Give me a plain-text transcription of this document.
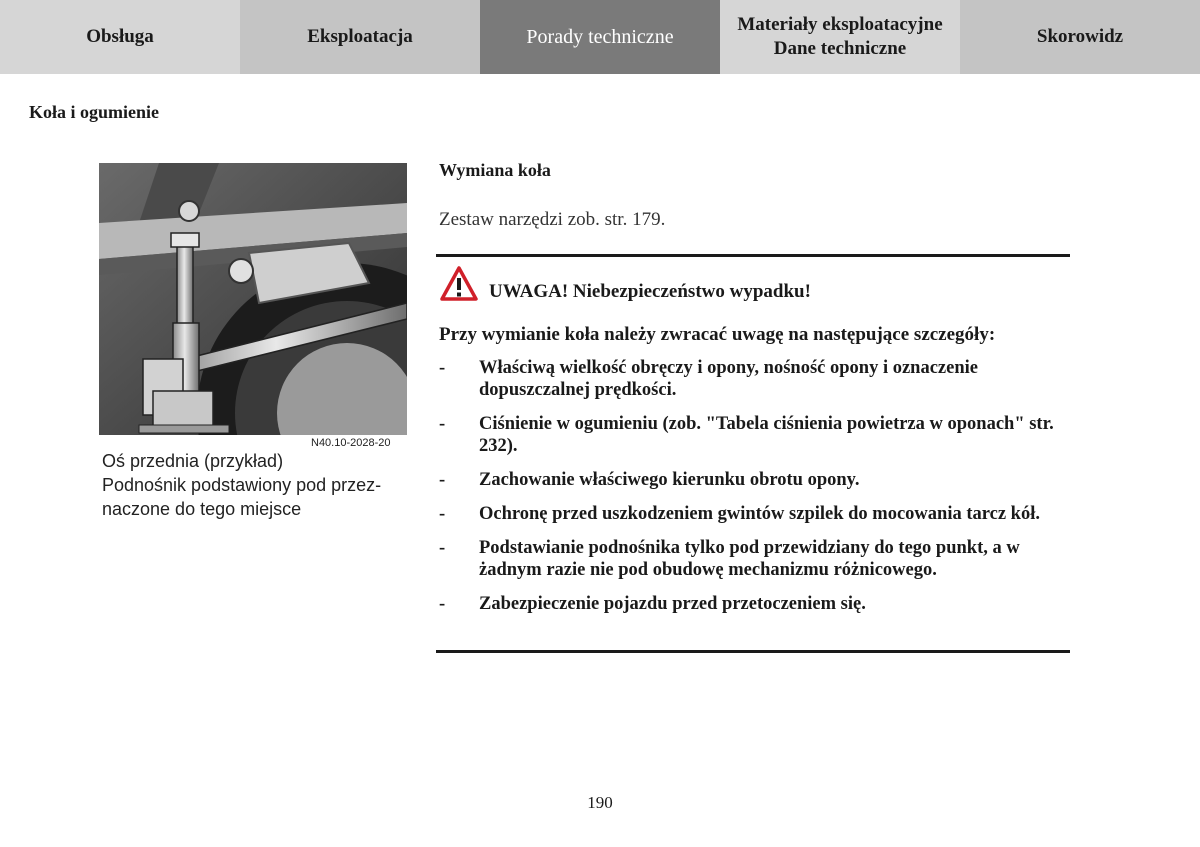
Obsługa	Eksploatacja	Porady techniczne
Materiały eksploatacyjne
Dane techniczne
Skorowidz
Koła i ogumienie
N40.10-2028-20
Oś przednia (przykład)
Podnośnik podstawiony pod przez-
naczone do tego miejsce
Wymiana koła
Zestaw narzędzi zob. str. 179.
UWAGA! Niebezpieczeństwo wypadku!
Przy wymianie koła należy zwracać uwagę na następujące szczegóły:
- Właściwą wielkość obręczy i opony, nośność opony i oznaczenie dopuszczalnej prędkości.
- Ciśnienie w ogumieniu (zob. "Tabela ciśnienia powietrza w oponach" str. 232).
- Zachowanie właściwego kierunku obrotu opony.
- Ochronę przed uszkodzeniem gwintów szpilek do mocowania tarcz kół.
- Podstawianie podnośnika tylko pod przewidziany do tego punkt, a w żadnym razie nie pod obudowę mechanizmu różnicowego.
- Zabezpieczenie pojazdu przed przetoczeniem się.
190
